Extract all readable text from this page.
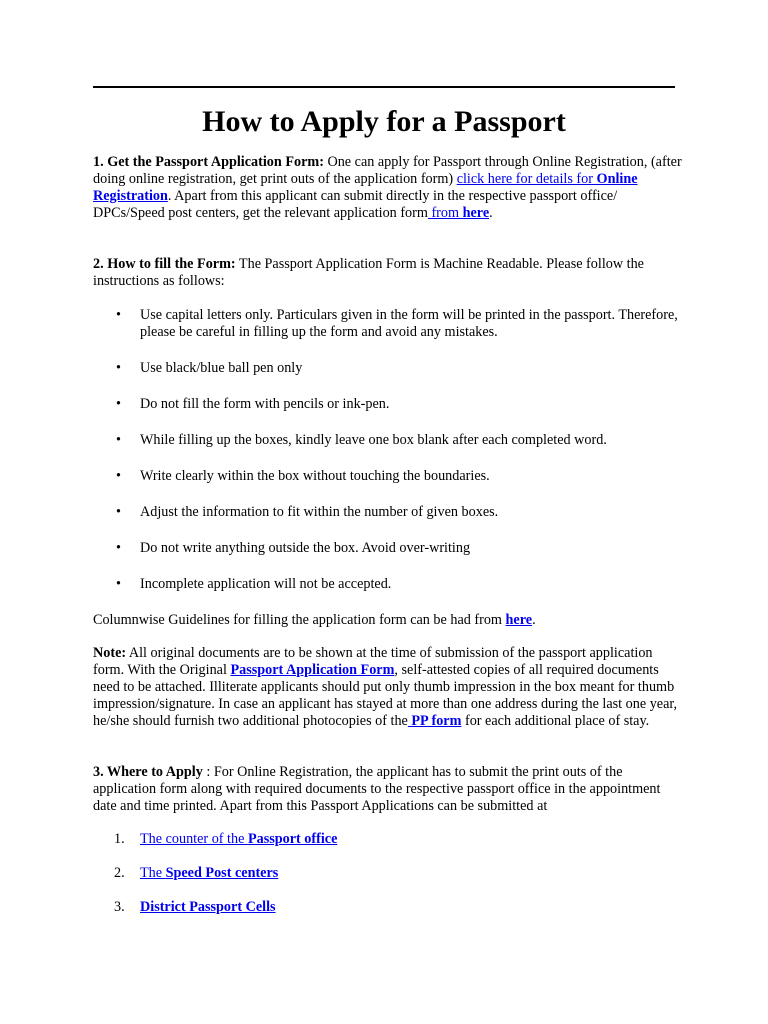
How to Apply for a Passport

1. Get the Passport Application Form: One can apply for Passport through Online Registration, (after doing online registration, get print outs of the application form) click here for details for Online Registration. Apart from this applicant can submit directly in the respective passport office/ DPCs/Speed post centers, get the relevant application form from here.

2. How to fill the Form: The Passport Application Form is Machine Readable. Please follow the instructions as follows:

• Use capital letters only. Particulars given in the form will be printed in the passport. Therefore, please be careful in filling up the form and avoid any mistakes.
• Use black/blue ball pen only
• Do not fill the form with pencils or ink-pen.
• While filling up the boxes, kindly leave one box blank after each completed word.
• Write clearly within the box without touching the boundaries.
• Adjust the information to fit within the number of given boxes.
• Do not write anything outside the box. Avoid over-writing
• Incomplete application will not be accepted.

Columnwise Guidelines for filling the application form can be had from here.

Note: All original documents are to be shown at the time of submission of the passport application form. With the Original Passport Application Form, self-attested copies of all required documents need to be attached. Illiterate applicants should put only thumb impression in the box meant for thumb impression/signature. In case an applicant has stayed at more than one address during the last one year, he/she should furnish two additional photocopies of the PP form for each additional place of stay.

3. Where to Apply : For Online Registration, the applicant has to submit the print outs of the application form along with required documents to the respective passport office in the appointment date and time printed. Apart from this Passport Applications can be submitted at

1. The counter of the Passport office
2. The Speed Post centers
3. District Passport Cells
